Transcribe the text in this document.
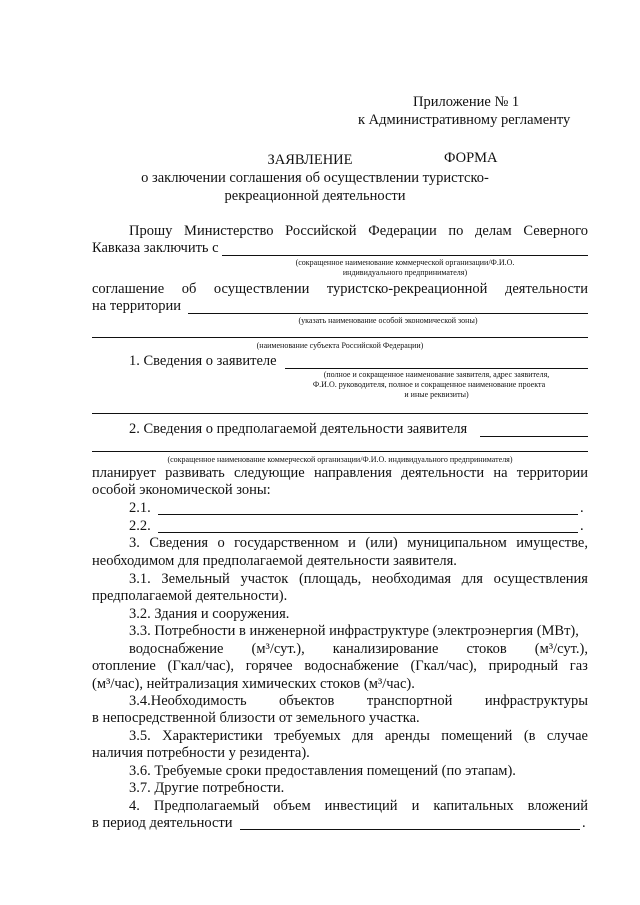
Приложение № 1
к Административному регламенту
ФОРМА
ЗАЯВЛЕНИЕ
о заключении соглашения об осуществлении туристско-
рекреационной деятельности
Прошу Министерство Российской Федерации по делам Северного
Кавказа заключить с
(сокращенное наименование коммерческой организации/Ф.И.О.
индивидуального предпринимателя)
соглашение об осуществлении туристско-рекреационной деятельности
на территории
(указать наименование особой экономической зоны)
(наименование субъекта Российской Федерации)
1. Сведения о заявителе
(полное и сокращенное наименование заявителя, адрес заявителя,
Ф.И.О. руководителя, полное и сокращенное наименование проекта
и иные реквизиты)
2. Сведения о предполагаемой деятельности заявителя
(сокращенное наименование коммерческой организации/Ф.И.О. индивидуального предпринимателя)
планирует развивать следующие направления деятельности на территории
особой экономической зоны:
2.1.	.
2.2.	.
3. Сведения о государственном и (или) муниципальном имуществе,
необходимом для предполагаемой деятельности заявителя.
3.1. Земельный участок (площадь, необходимая для осуществления
предполагаемой деятельности).
3.2. Здания и сооружения.
3.3. Потребности в инженерной инфраструктуре (электроэнергия (МВт),
водоснабжение (м³/сут.), канализирование стоков (м³/сут.),
отопление (Гкал/час), горячее водоснабжение (Гкал/час), природный газ
(м³/час), нейтрализация химических стоков (м³/час).
3.4.Необходимость объектов транспортной инфраструктуры
в непосредственной близости от земельного участка.
3.5. Характеристики требуемых для аренды помещений (в случае
наличия потребности у резидента).
3.6. Требуемые сроки предоставления помещений (по этапам).
3.7. Другие потребности.
4. Предполагаемый объем инвестиций и капитальных вложений
в период деятельности	.
